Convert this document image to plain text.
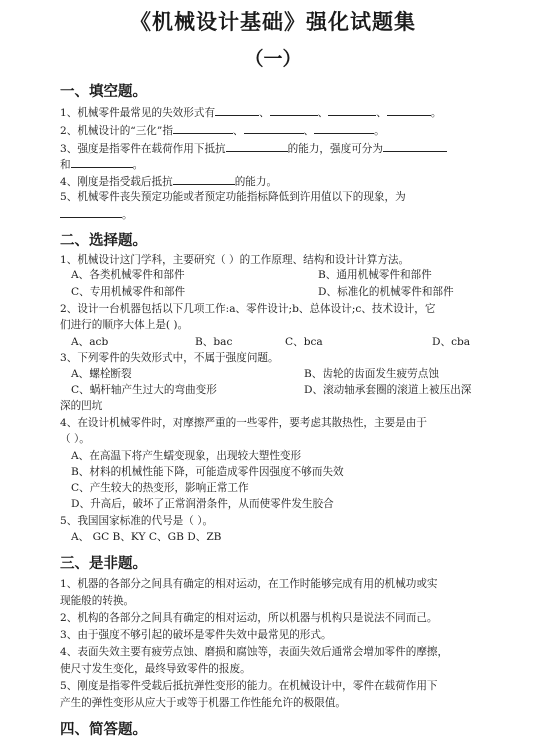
《机械设计基础》强化试题集
（一）
一、填空题。
1、机械零件最常见的失效形式有	、	、	、	。
2、机械设计的“三化”指	、	、	。
3、强度是指零件在载荷作用下抵抗	的能力，强度可分为
和	。
4、刚度是指受载后抵抗	的能力。
5、机械零件丧失预定功能或者预定功能指标降低到许用值以下的现象，为
。
二、选择题。
1、机械设计这门学科，主要研究（ ）的工作原理、结构和设计计算方法。
A、各类机械零件和部件	B、通用机械零件和部件
C、专用机械零件和部件	D、标准化的机械零件和部件
2、设计一台机器包括以下几项工作:a、零件设计;b、总体设计;c、技术设计，它
们进行的顺序大体上是( )。
A、acb	B、bac	C、bca	D、cba
3、下列零件的失效形式中，不属于强度问题。
A、螺栓断裂	B、齿轮的齿面发生疲劳点蚀
C、蜗杆轴产生过大的弯曲变形	D、滚动轴承套圈的滚道上被压出深
深的凹坑
4、在设计机械零件时，对摩擦严重的一些零件，要考虑其散热性，主要是由于
（ ）。
A、在高温下将产生蠕变现象，出现较大塑性变形
B、材料的机械性能下降，可能造成零件因强度不够而失效
C、产生较大的热变形，影响正常工作
D、升高后，破坏了正常润滑条件，从而使零件发生胶合
5、我国国家标准的代号是（ ）。
A、 GC B、KY C、GB D、ZB
三、是非题。
1、机器的各部分之间具有确定的相对运动，在工作时能够完成有用的机械功或实
现能般的转换。
2、机构的各部分之间具有确定的相对运动，所以机器与机构只是说法不同而己。
3、由于强度不够引起的破坏是零件失效中最常见的形式。
4、表面失效主要有疲劳点蚀、磨损和腐蚀等，表面失效后通常会增加零件的摩擦，
使尺寸发生变化，最终导致零件的报废。
5、刚度是指零件受载后抵抗弹性变形的能力。在机械设计中，零件在载荷作用下
产生的弹性变形从应大于或等于机器工作性能允许的极限值。
四、简答题。
